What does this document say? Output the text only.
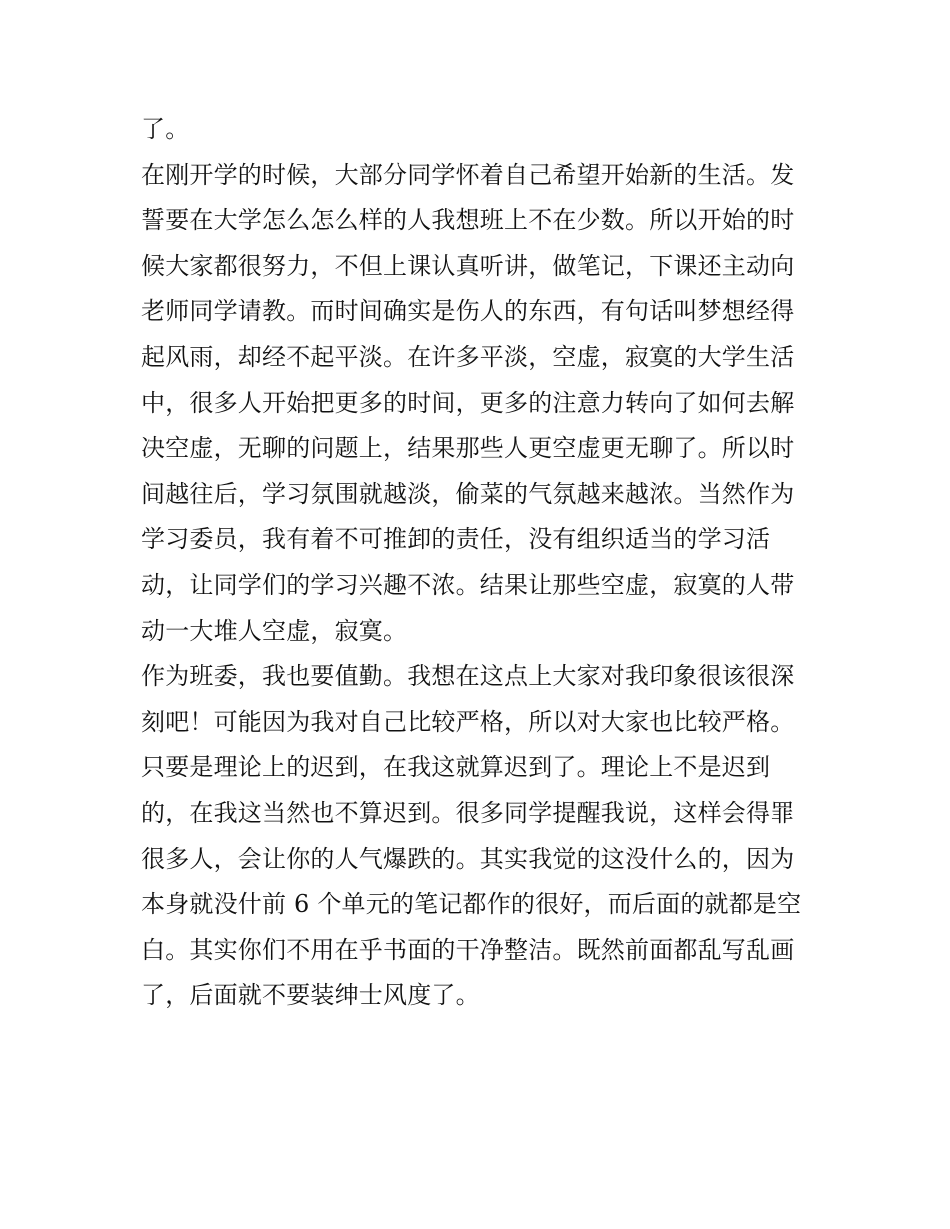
了。
在刚开学的时候，大部分同学怀着自己希望开始新的生活。发
誓要在大学怎么怎么样的人我想班上不在少数。所以开始的时
候大家都很努力，不但上课认真听讲，做笔记，下课还主动向
老师同学请教。而时间确实是伤人的东西，有句话叫梦想经得
起风雨，却经不起平淡。在许多平淡，空虚，寂寞的大学生活
中，很多人开始把更多的时间，更多的注意力转向了如何去解
决空虚，无聊的问题上，结果那些人更空虚更无聊了。所以时
间越往后，学习氛围就越淡，偷菜的气氛越来越浓。当然作为
学习委员，我有着不可推卸的责任，没有组织适当的学习活
动，让同学们的学习兴趣不浓。结果让那些空虚，寂寞的人带
动一大堆人空虚，寂寞。
作为班委，我也要值勤。我想在这点上大家对我印象很该很深
刻吧！可能因为我对自己比较严格，所以对大家也比较严格。
只要是理论上的迟到，在我这就算迟到了。理论上不是迟到
的，在我这当然也不算迟到。很多同学提醒我说，这样会得罪
很多人，会让你的人气爆跌的。其实我觉的这没什么的，因为
本身就没什前 6 个单元的笔记都作的很好，而后面的就都是空
白。其实你们不用在乎书面的干净整洁。既然前面都乱写乱画
了，后面就不要装绅士风度了。
